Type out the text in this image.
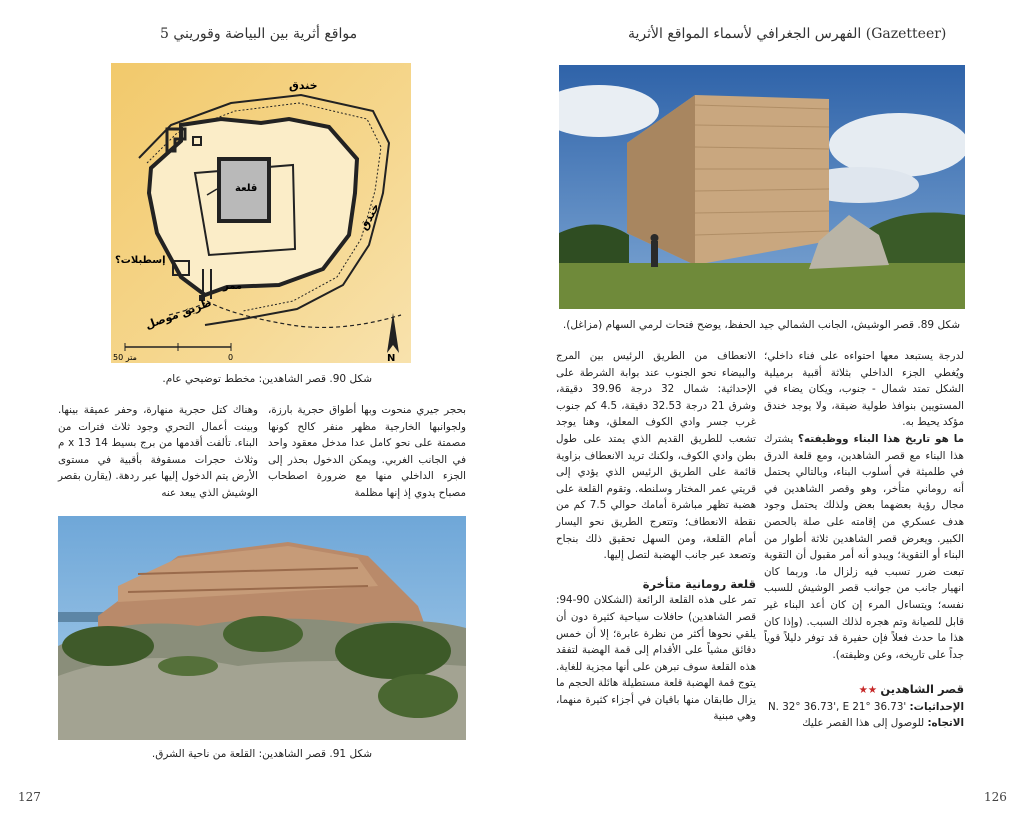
5 مواقع أثرية بين البياضة وقوريني
خندق
خندق
قلعة
إسطبلات؟
ممر
طريق موصل
50 متر	0	N
شكل 90. قصر الشاهدين: مخطط توضيحي عام.
بحجر جيري منحوت وبها أطواق حجرية بارزة، ولجوانبها الخارجية مظهر منفر كالح كونها مصمتة على نحو كامل عدا مدخل معقود واحد في الجانب الغربي. ويمكن الدخول بحذر إلى الجزء الداخلي منها مع ضرورة اصطحاب مصباح يدوي إذ إنها مظلمة
وهناك كتل حجرية منهارة، وحفر عميقة بينها. وبينت أعمال التحري وجود ثلاث فترات من البناء. تألفت أقدمها من برج بسيط 14 x 13 م وثلاث حجرات مسقوفة بأقبية في مستوى الأرض يتم الدخول إليها عبر ردهة. (يقارن بقصر الوشيش الذي يبعد عنه
شكل 91. قصر الشاهدين: القلعة من ناحية الشرق.
127
الفهرس الجغرافي لأسماء المواقع الأثرية (Gazetteer)
شكل 89. قصر الوشيش، الجانب الشمالي جيد الحفظ، يوضح فتحات لرمي السهام (مزاغل).

لدرجة يستبعد معها احتواءه على فناء داخلي؛ ويُغطي الجزء الداخلي بثلاثة أقبية برميلية الشكل تمتد شمال - جنوب، ويكان يضاء في المستويين بنوافذ طولية ضيقة، ولا يوجد خندق مؤكد يحيط به.

ما هو تاريخ هذا البناء ووظيفته؟ يشترك هذا البناء مع قصر الشاهدين، ومع قلعة الدرق في طلميثة في أسلوب البناء، وبالتالي يحتمل أنه روماني متأخر، وهو وقصر الشاهدين في مجال رؤية بعضهما بعض ولذلك يحتمل وجود هدف عسكري من إقامته على صلة بالحصن الكبير. ويعرض قصر الشاهدين ثلاثة أطوار من البناء أو التقوية؛ ويبدو أنه أمر مقبول أن التقوية تبعت ضرر تسبب فيه زلزال ما. وربما كان انهيار جانب من جوانب قصر الوشيش للسبب نفسه؛ ويتساءل المرء إن كان أعد البناء غير قابل للصيانة وتم هجره لذلك السبب. (وإذا كان هذا ما حدث فعلاً فإن حفيرة قد توفر دليلاً قوياً جداً على تاريخه، وعن وظيفته).

قصر الشاهدين ★★

الإحداثيات: N. 32° 36.73', E 21° 36.73'

الاتجاه: للوصول إلى هذا القصر عليك

الانعطاف من الطريق الرئيس بين المرج والبيضاء نحو الجنوب عند بوابة الشرطة على الإحداثية: شمال 32 درجة 39.96 دقيقة، وشرق 21 درجة 32.53 دقيقة، 4.5 كم جنوب غرب جسر وادي الكوف المعلق، وهنا يوجد تشعب للطريق القديم الذي يمتد على طول بطن وادي الكوف، ولكنك تريد الانعطاف بزاوية قائمة على الطريق الرئيس الذي يؤدي إلى قريتي عمر المختار وسلنطه. وتقوم القلعة على هضبة تظهر مباشرة أمامك حوالي 7.5 كم من نقطة الانعطاف؛ وتتعرج الطريق نحو اليسار أمام القلعة، ومن السهل تحقيق ذلك بنجاح وتصعد عبر جانب الهضبة لتصل إليها.

قلعة رومانية متأخرة

تمر على هذه القلعة الرائعة (الشكلان 90-94: قصر الشاهدين) حافلات سياحية كثيرة دون أن يلقي نحوها أكثر من نظرة عابرة؛ إلا أن خمس دقائق مشياً على الأقدام إلى قمة الهضبة لتفقد هذه القلعة سوف تبرهن على أنها مجزية للغاية. يتوج قمة الهضبة قلعة مستطيلة هائلة الحجم ما يزال طابقان منها باقيان في أجزاء كثيرة منهما، وهي مبنية

126
